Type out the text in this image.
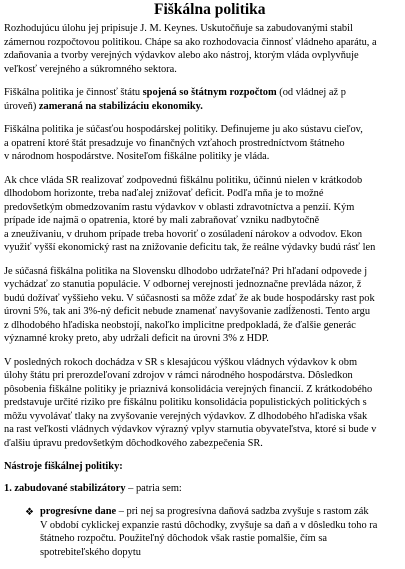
Fiškálna politika

Rozhodujúcu úlohu jej pripisuje J. M. Keynes. Uskutočňuje sa zabudovanými stabil
zámernou rozpočtovou politikou. Chápe sa ako rozhodovacia činnosť vládneho aparátu, a
zdaňovania a tvorby verejných výdavkov alebo ako nástroj, ktorým vláda ovplyvňuje
veľkosť verejného a súkromného sektora.

Fiškálna politika je činnosť štátu spojená so štátnym rozpočtom (od vládnej až p
úroveň) zameraná na stabilizáciu ekonomiky.

Fiškálna politika je súčasťou hospodárskej politiky. Definujeme ju ako sústavu cieľov,
a opatrení ktoré štát presadzuje vo finančných vzťahoch prostredníctvom štátneho
v národnom hospodárstve. Nositeľom fiškálne politiky je vláda.

Ak chce vláda SR realizovať zodpovednú fiškálnu politiku, účinnú nielen v krátkodob
dlhodobom horizonte, treba naďalej znižovať deficit. Podľa mňa je to možné
predovšetkým obmedzovaním rastu výdavkov v oblasti zdravotníctva a penzií. Kým
prípade ide najmä o opatrenia, ktoré by mali zabraňovať vzniku nadbytočně
a zneužívaniu, v druhom prípade treba hovoriť o zosúladení nárokov a odvodov. Ekon
využiť vyšší ekonomický rast na znižovanie deficitu tak, že reálne výdavky budú rásť len

Je súčasná fiškálna politika na Slovensku dlhodobo udržateľná? Pri hľadaní odpovede j
vychádzať zo stanutia populácie. V odbornej verejnosti jednoznačne prevláda názor, ž
budú dožívať vyššieho veku. V súčasnosti sa môže zdať že ak bude hospodársky rast pok
úrovni 5%, tak ani 3%-ný deficit nebude znamenať navyšovanie zadĺženosti. Tento argu
z dlhodobého hľadiska neobstojí, nakoľko implicitne predpokladá, že ďalšie generác
významné kroky preto, aby udržali deficit na úrovni 3% z HDP.

V posledných rokoch dochádza v SR s klesajúcou výškou vládnych výdavkov k obm
úlohy štátu pri prerozdeľovaní zdrojov v rámci národného hospodárstva. Dôsledkon
pôsobenia fiškálne politiky je priaznivá konsolidácia verejných financií. Z krátkodobého
predstavuje určité riziko pre fiškálnu politiku konsolidácia populistických politických s
môžu vyvolávať tlaky na zvyšovanie verejných výdavkov. Z dlhodobého hľadiska však
na rast veľkosti vládnych výdavkov výrazný vplyv starnutia obyvateľstva, ktoré si bude v
ďalšiu úpravu predovšetkým dôchodkového zabezpečenia SR.

Nástroje fiškálnej politiky:

1. zabudované stabilizátory – patria sem:
❖ progresívne dane – pri nej sa progresívna daňová sadzba zvyšuje s rastom zák
V období cyklickej expanzie rastú dôchodky, zvyšuje sa daň a v dôsledku toho ra
štátneho rozpočtu. Použiteľný dôchodok však rastie pomalšie, čím sa
spotrebiteľského dopytu
